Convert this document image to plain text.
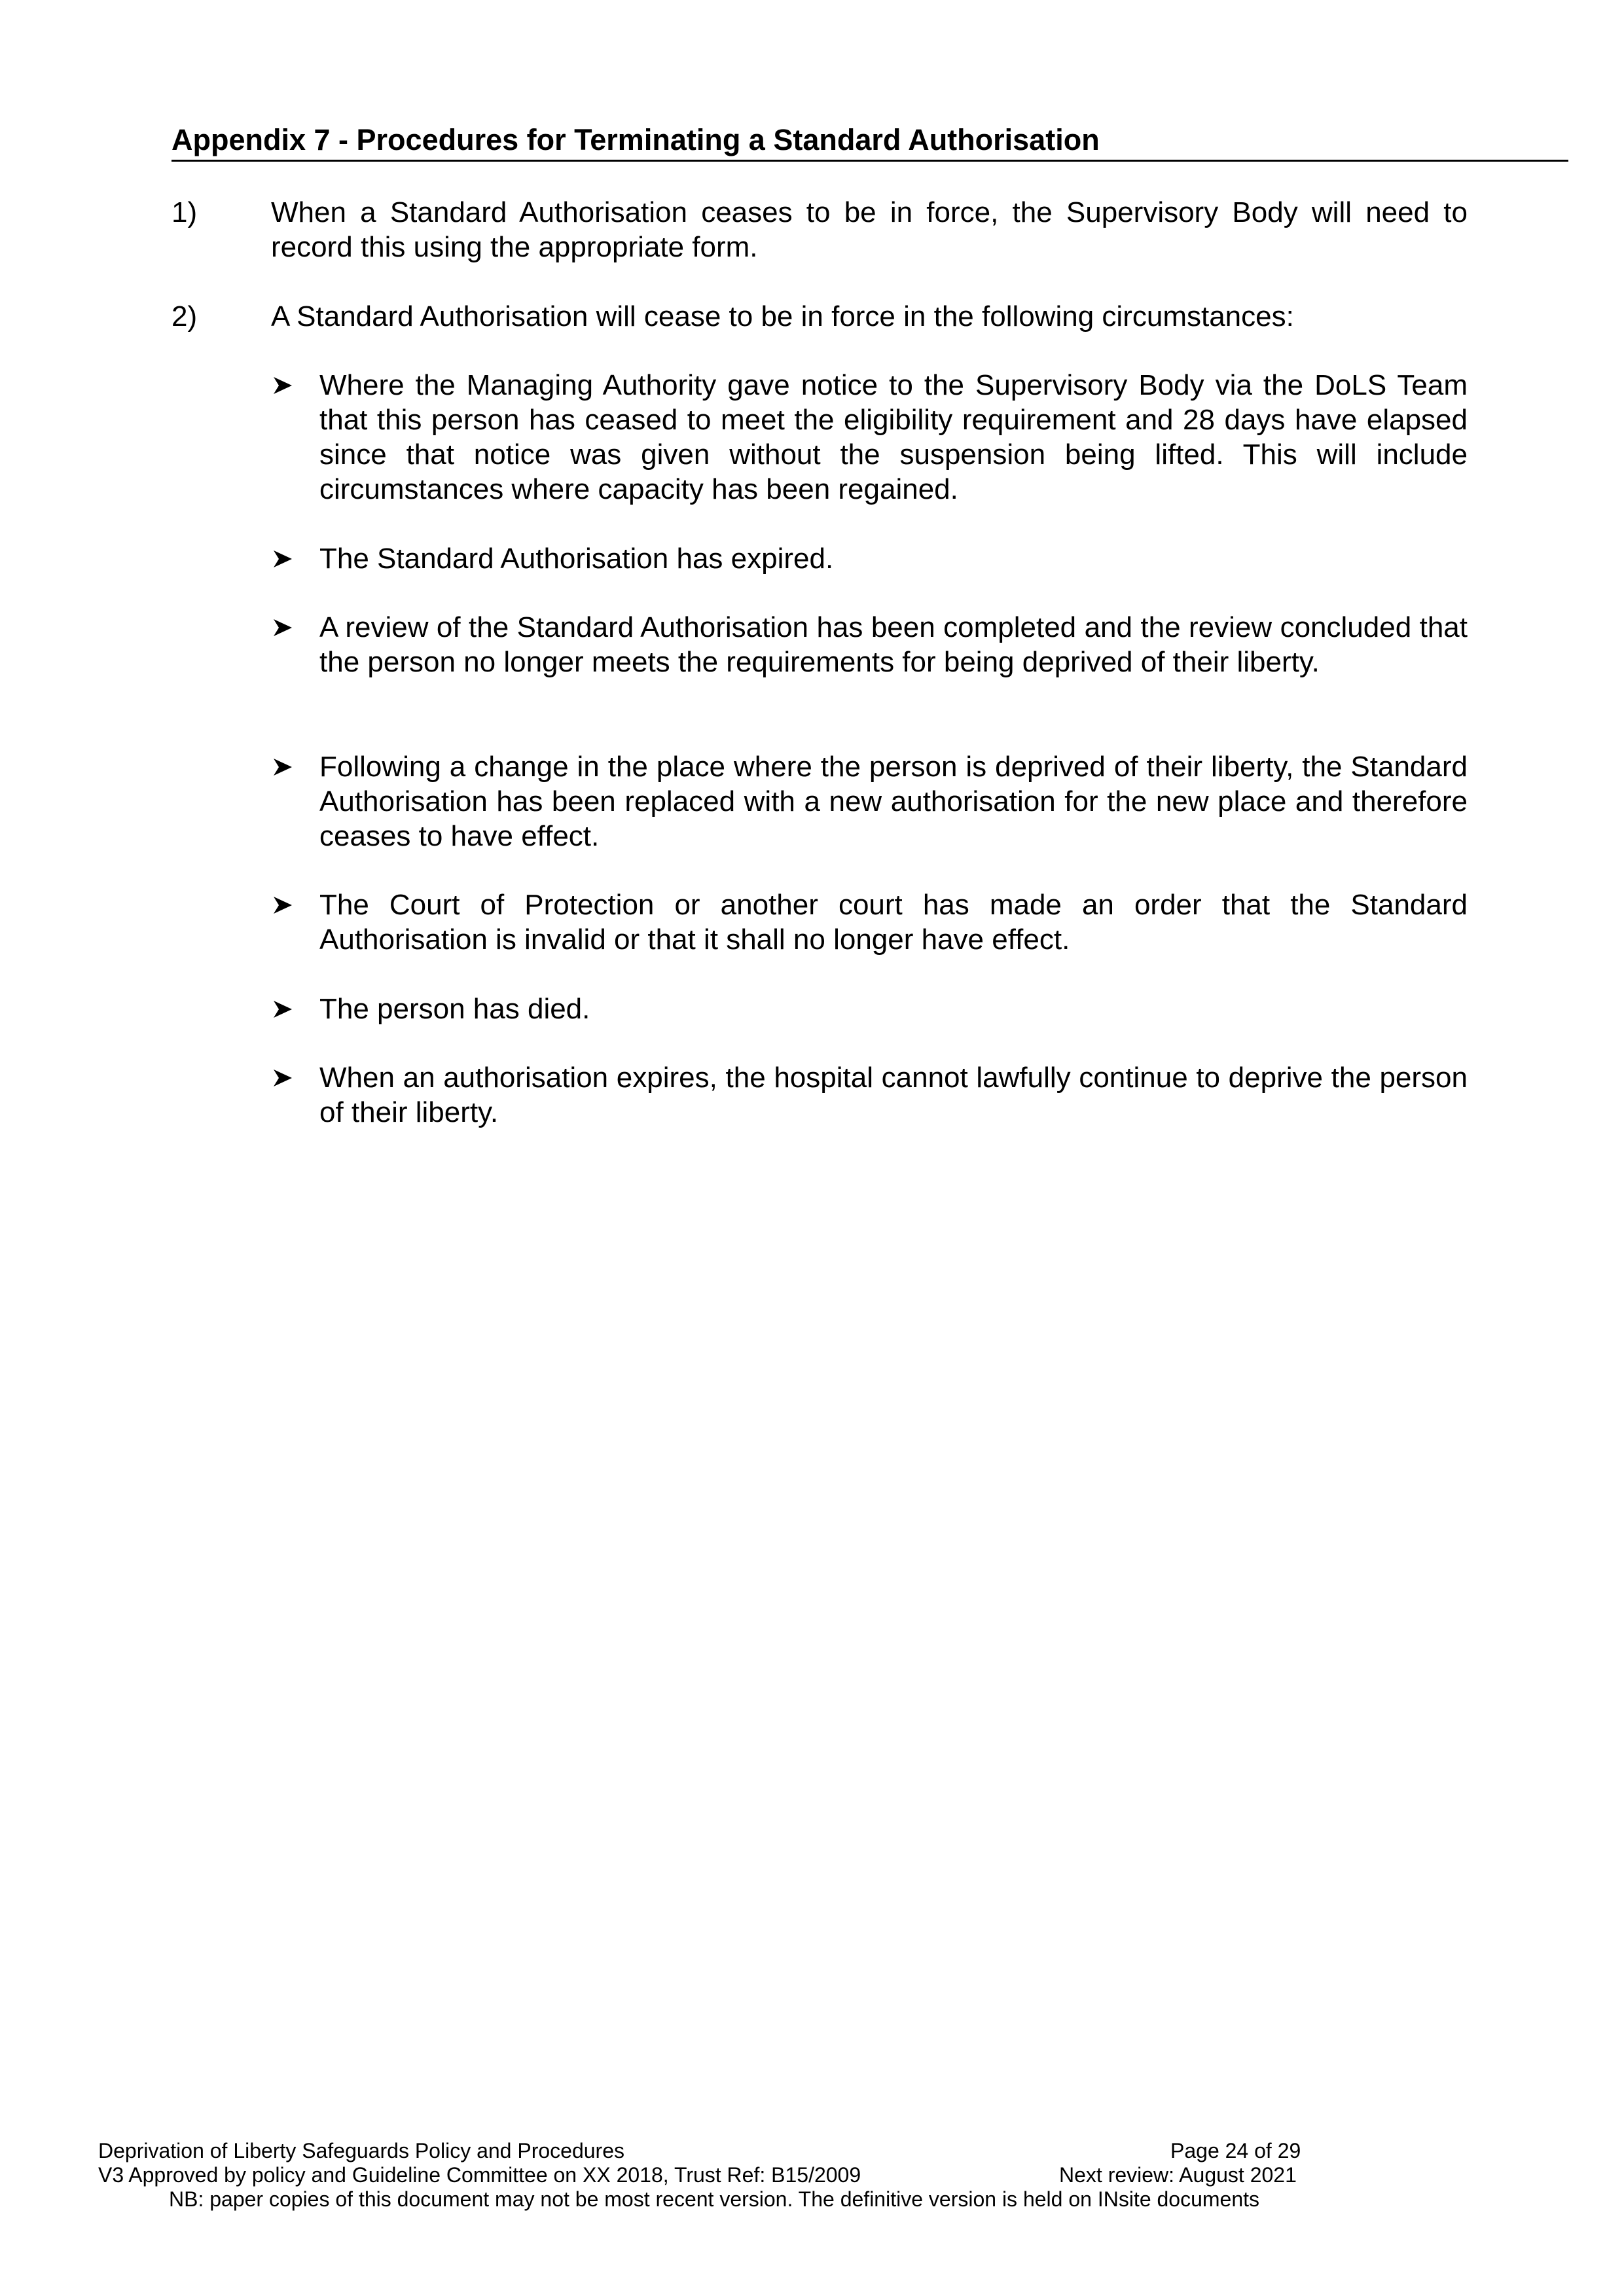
Appendix 7 - Procedures for Terminating a Standard Authorisation
1)	When a Standard Authorisation ceases to be in force, the Supervisory Body will need to record this using the appropriate form.
2)	A Standard Authorisation will cease to be in force in the following circumstances:
Where the Managing Authority gave notice to the Supervisory Body via the DoLS Team that this person has ceased to meet the eligibility requirement and 28 days have elapsed since that notice was given without the suspension being lifted. This will include circumstances where capacity has been regained.
The Standard Authorisation has expired.
A review of the Standard Authorisation has been completed and the review concluded that the person no longer meets the requirements for being deprived of their liberty.
Following a change in the place where the person is deprived of their liberty, the Standard Authorisation has been replaced with a new authorisation for the new place and therefore ceases to have effect.
The Court of Protection or another court has made an order that the Standard Authorisation is invalid or that it shall no longer have effect.
The person has died.
When an authorisation expires, the hospital cannot lawfully continue to deprive the person of their liberty.
Deprivation of Liberty Safeguards Policy and Procedures	Page 24 of 29
V3 Approved by policy and Guideline Committee on XX 2018, Trust Ref: B15/2009	Next review: August 2021
NB: paper copies of this document may not be most recent version. The definitive version is held on INsite documents
